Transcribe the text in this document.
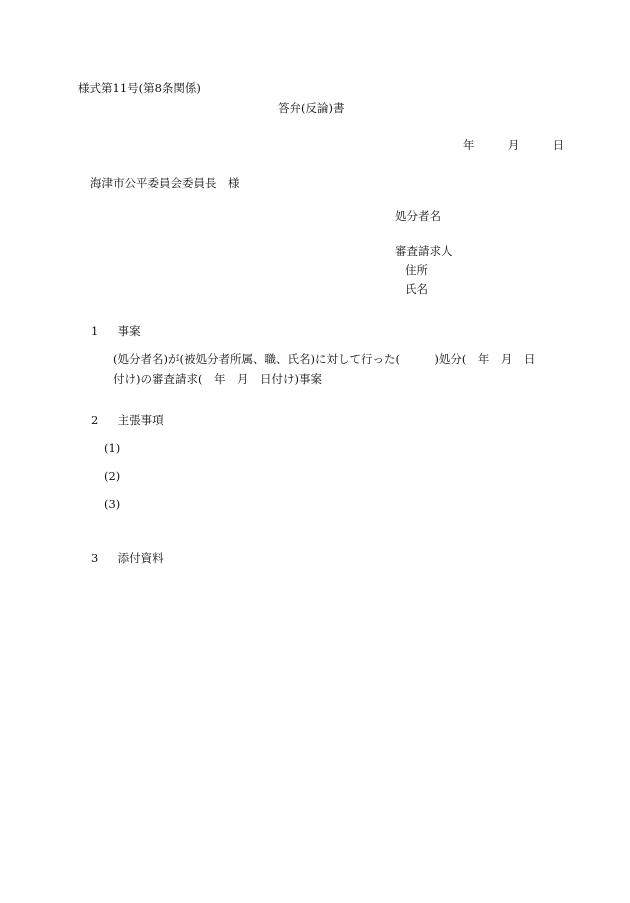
様式第11号(第8条関係)
答弁(反論)書
年	月	日
海津市公平委員会委員長　様
処分者名
審査請求人
住所
氏名
1 事案
(処分者名)が(被処分者所属、職、氏名)に対して行った(　　　)処分(　年　月　日
付け)の審査請求(　年　月　日付け)事案
2 主張事項
(1)
(2)
(3)
3 添付資料
